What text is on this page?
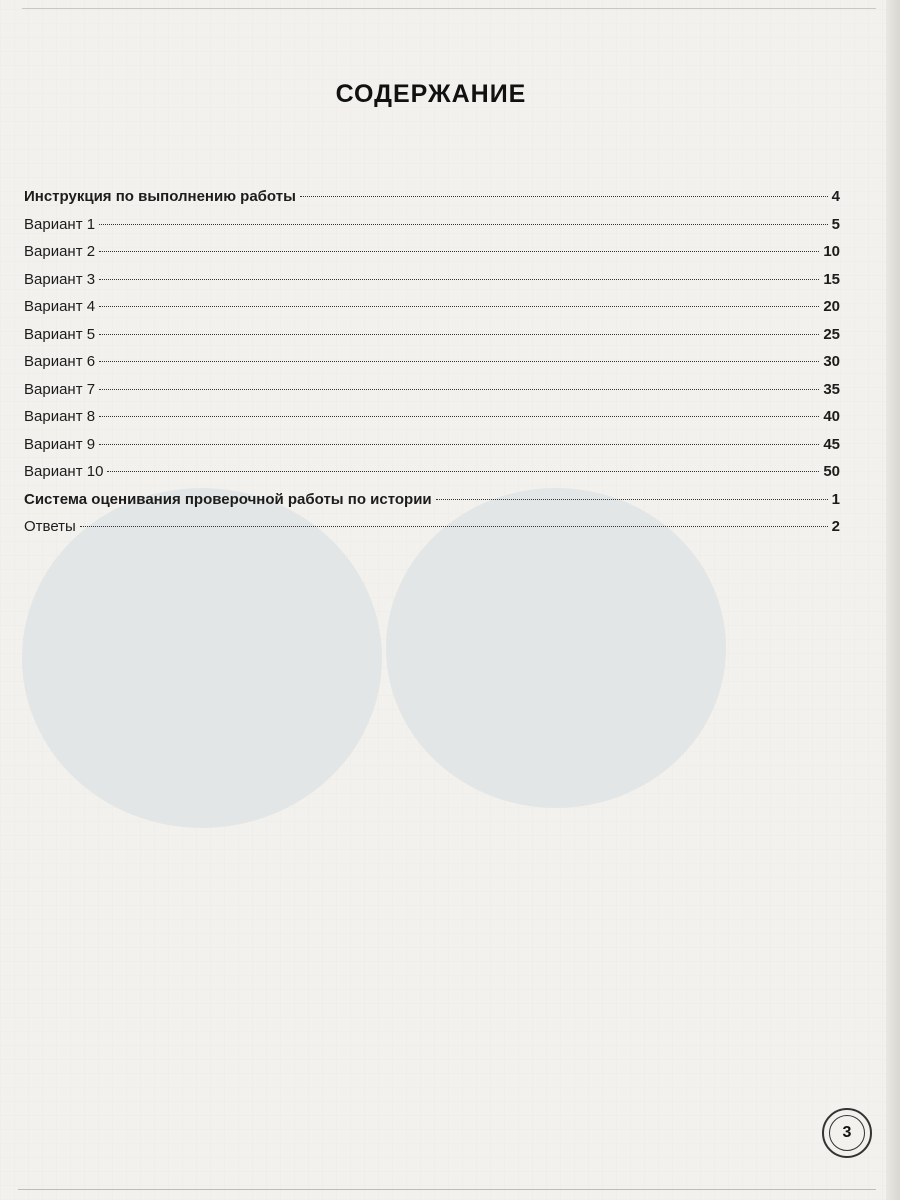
СОДЕРЖАНИЕ
Инструкция по выполнению работы	4
Вариант 1	5
Вариант 2	10
Вариант 3	15
Вариант 4	20
Вариант 5	25
Вариант 6	30
Вариант 7	35
Вариант 8	40
Вариант 9	45
Вариант 10	50
Система оценивания проверочной работы по истории	1
Ответы	2
3
